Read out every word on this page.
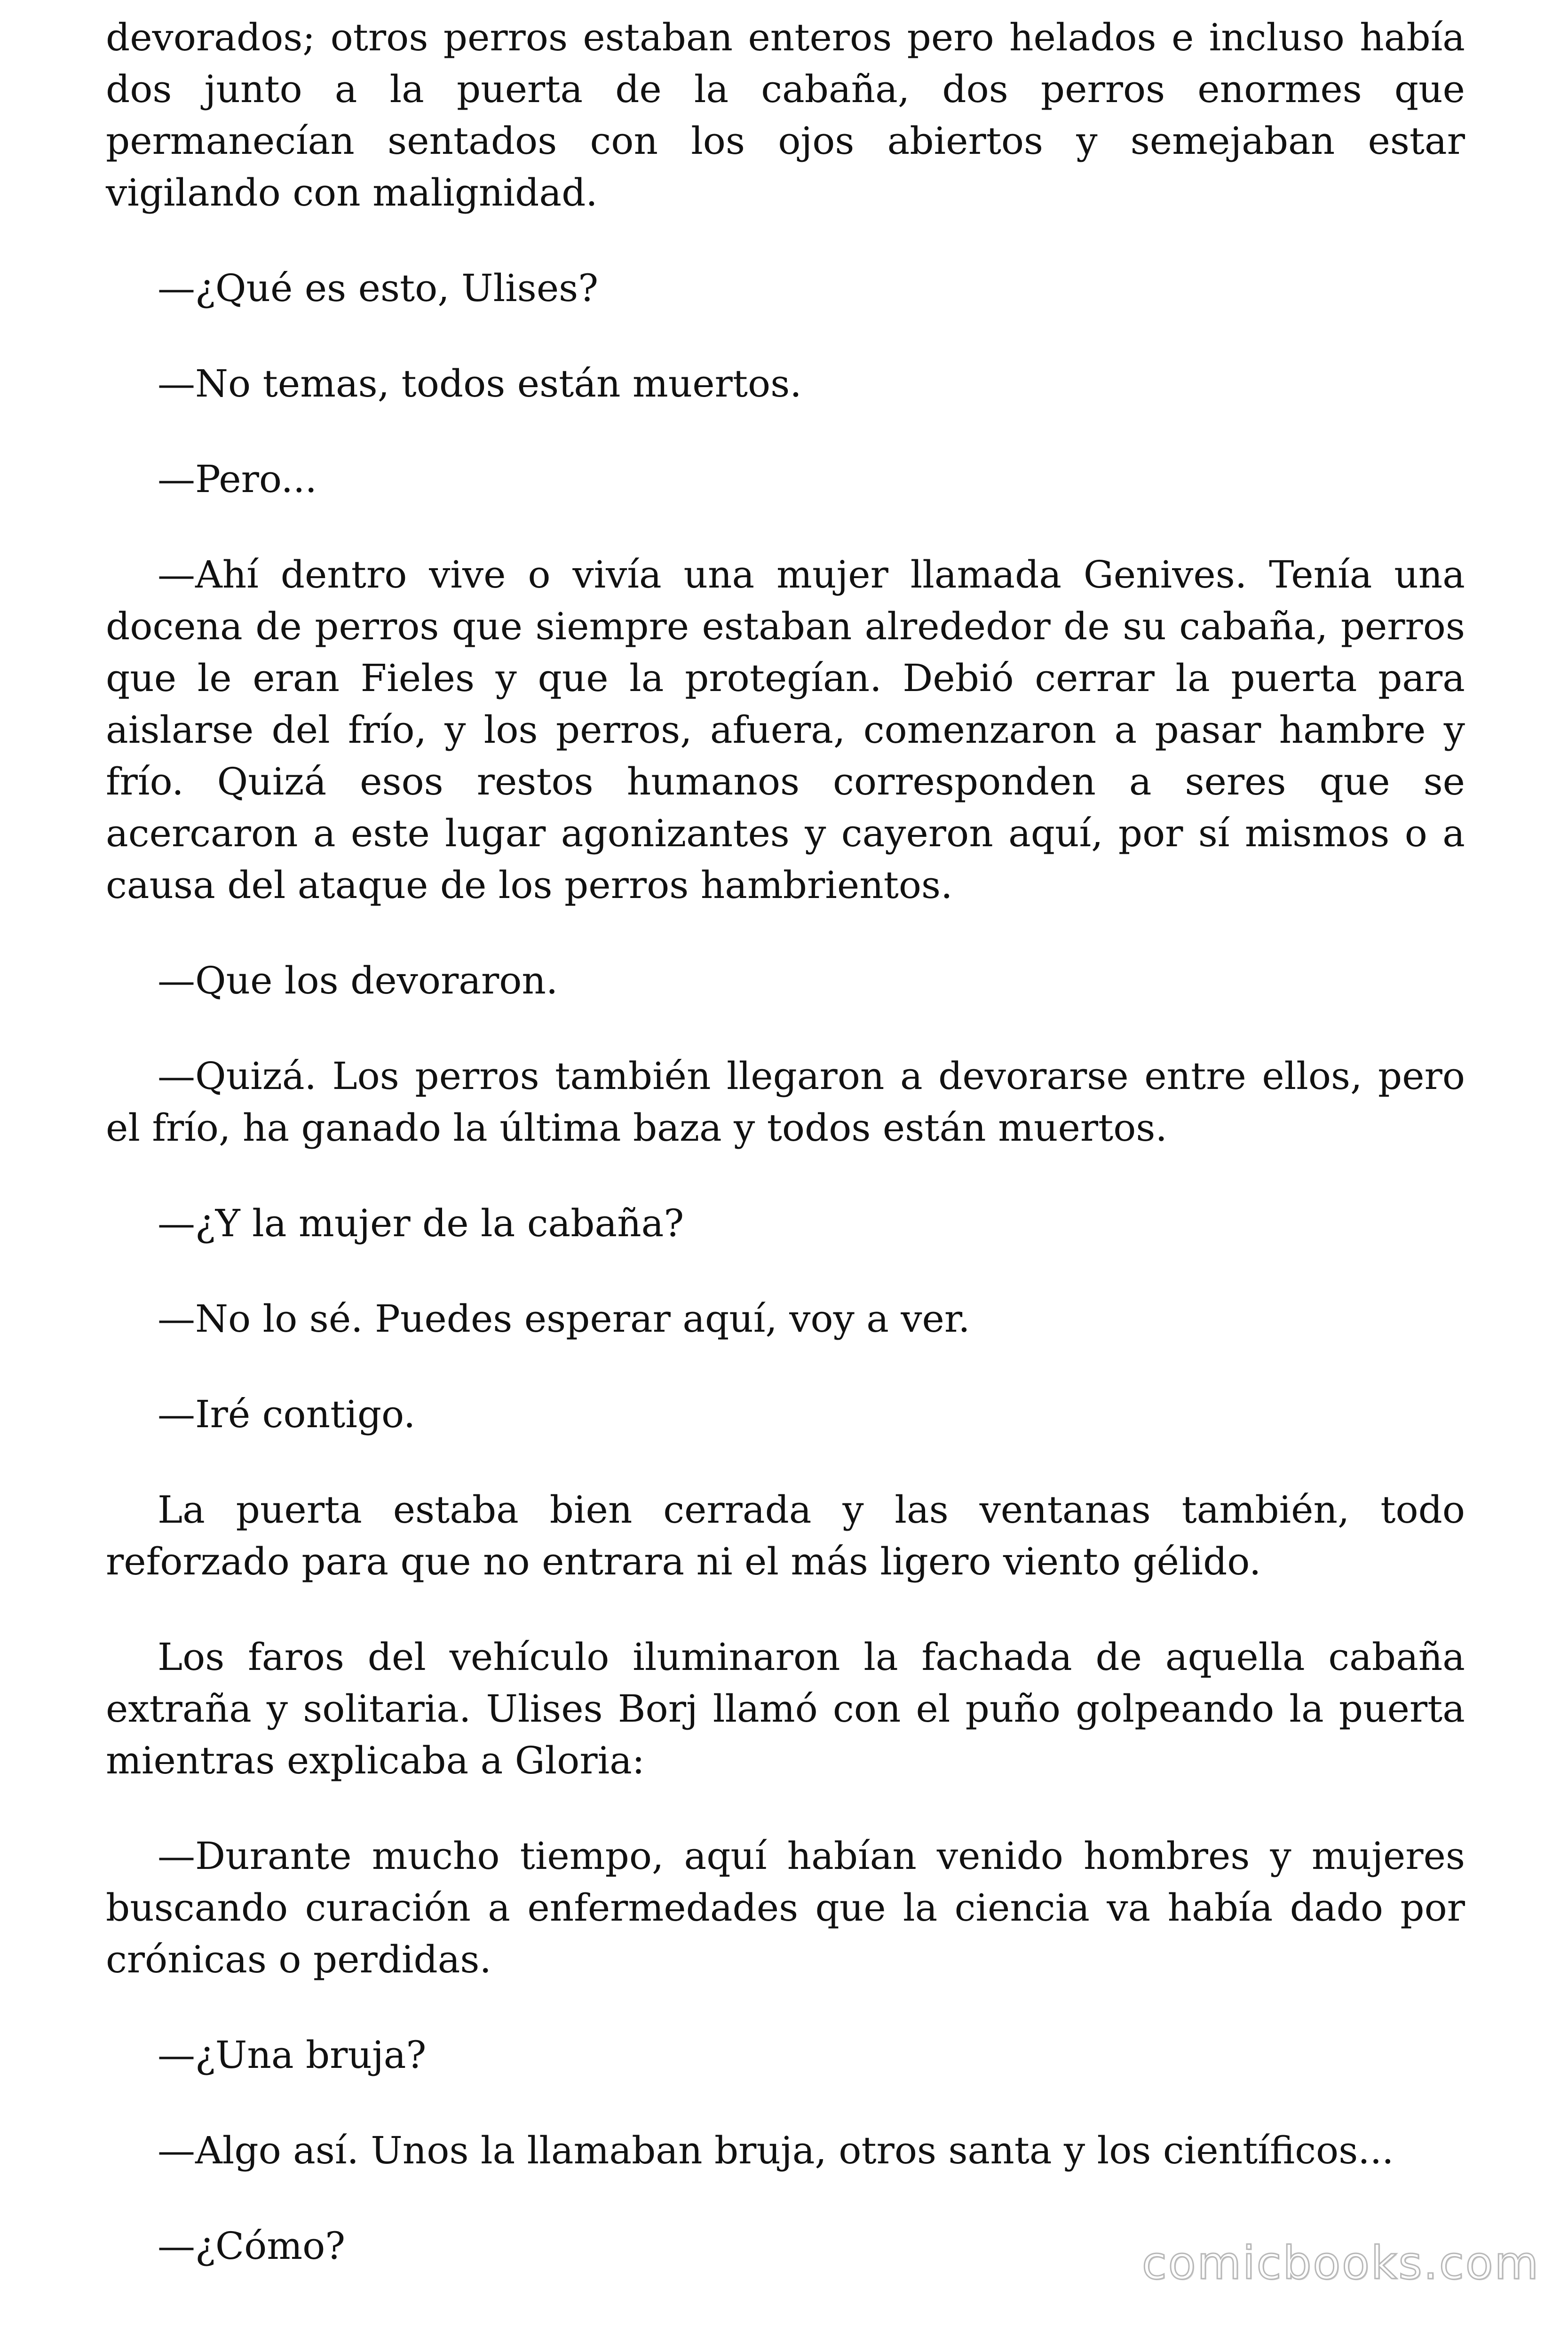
devorados; otros perros estaban enteros pero helados e incluso había dos junto a la puerta de la cabaña, dos perros enormes que permanecían sentados con los ojos abiertos y semejaban estar vigilando con malignidad.

—¿Qué es esto, Ulises?

—No temas, todos están muertos.

—Pero...

—Ahí dentro vive o vivía una mujer llamada Genives. Tenía una docena de perros que siempre estaban alrededor de su cabaña, perros que le eran Fieles y que la protegían. Debió cerrar la puerta para aislarse del frío, y los perros, afuera, comenzaron a pasar hambre y frío. Quizá esos restos humanos corresponden a seres que se acercaron a este lugar agonizantes y cayeron aquí, por sí mismos o a causa del ataque de los perros hambrientos.

—Que los devoraron.

—Quizá. Los perros también llegaron a devorarse entre ellos, pero el frío, ha ganado la última baza y todos están muertos.

—¿Y la mujer de la cabaña?

—No lo sé. Puedes esperar aquí, voy a ver.

—Iré contigo.

La puerta estaba bien cerrada y las ventanas también, todo reforzado para que no entrara ni el más ligero viento gélido.

Los faros del vehículo iluminaron la fachada de aquella cabaña extraña y solitaria. Ulises Borj llamó con el puño golpeando la puerta mientras explicaba a Gloria:

—Durante mucho tiempo, aquí habían venido hombres y mujeres buscando curación a enfermedades que la ciencia va había dado por crónicas o perdidas.

—¿Una bruja?

—Algo así. Unos la llamaban bruja, otros santa y los científicos...

—¿Cómo?	comicbooks.com
